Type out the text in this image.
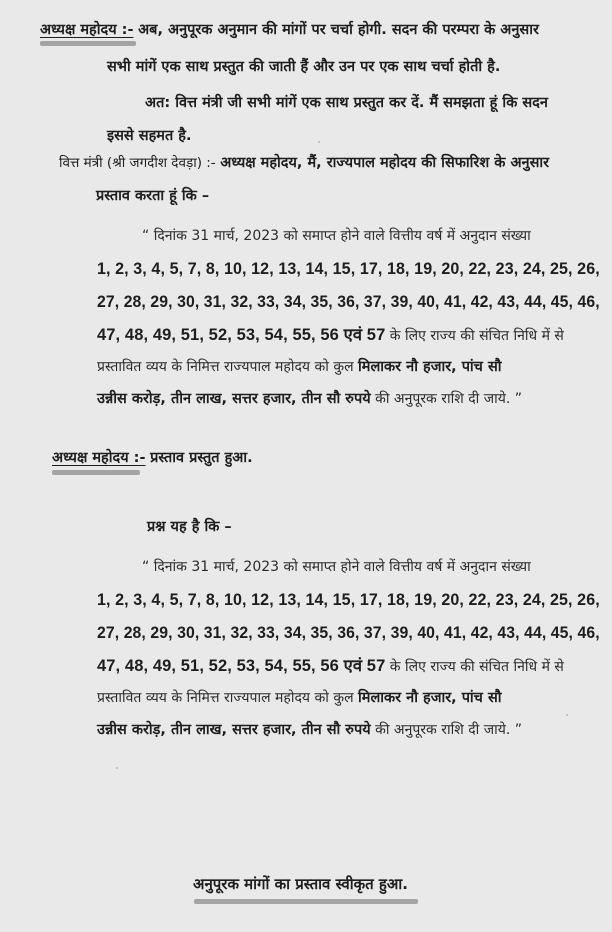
अध्यक्ष महोदय :- अब, अनुपूरक अनुमान की मांगों पर चर्चा होगी. सदन की परम्परा के अनुसार
सभी मांगें एक साथ प्रस्तुत की जाती हैं और उन पर एक साथ चर्चा होती है.
अत: वित्त मंत्री जी सभी मांगें एक साथ प्रस्तुत कर दें. मैं समझता हूं कि सदन
इससे सहमत है.
वित्त मंत्री (श्री जगदीश देवड़ा) :- अध्यक्ष महोदय, मैं, राज्यपाल महोदय की सिफारिश के अनुसार
प्रस्ताव करता हूं कि –
“ दिनांक 31 मार्च, 2023 को समाप्त होने वाले वित्तीय वर्ष में अनुदान संख्या
1, 2, 3, 4, 5, 7, 8, 10, 12, 13, 14, 15, 17, 18, 19, 20, 22, 23, 24, 25, 26,
27, 28, 29, 30, 31, 32, 33, 34, 35, 36, 37, 39, 40, 41, 42, 43, 44, 45, 46,
47, 48, 49, 51, 52, 53, 54, 55, 56 एवं 57 के लिए राज्य की संचित निधि में से
प्रस्तावित व्यय के निमित्त राज्यपाल महोदय को कुल मिलाकर नौ हजार, पांच सौ
उन्नीस करोड़, तीन लाख, सत्तर हजार, तीन सौ रुपये की अनुपूरक राशि दी जाये. ”
अध्यक्ष महोदय :- प्रस्ताव प्रस्तुत हुआ.
प्रश्न यह है कि –
“ दिनांक 31 मार्च, 2023 को समाप्त होने वाले वित्तीय वर्ष में अनुदान संख्या
1, 2, 3, 4, 5, 7, 8, 10, 12, 13, 14, 15, 17, 18, 19, 20, 22, 23, 24, 25, 26,
27, 28, 29, 30, 31, 32, 33, 34, 35, 36, 37, 39, 40, 41, 42, 43, 44, 45, 46,
47, 48, 49, 51, 52, 53, 54, 55, 56 एवं 57 के लिए राज्य की संचित निधि में से
प्रस्तावित व्यय के निमित्त राज्यपाल महोदय को कुल मिलाकर नौ हजार, पांच सौ
उन्नीस करोड़, तीन लाख, सत्तर हजार, तीन सौ रुपये की अनुपूरक राशि दी जाये. ”
अनुपूरक मांगों का प्रस्ताव स्वीकृत हुआ.
